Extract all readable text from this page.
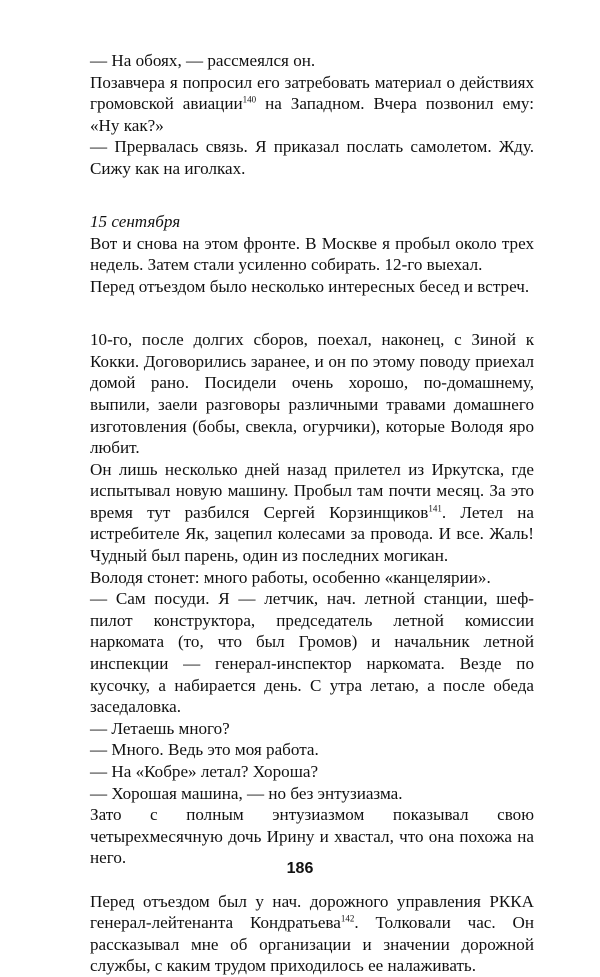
— На обоях, — рассмеялся он.

Позавчера я попросил его затребовать материал о действиях громовской авиации$^{140}$ на Западном. Вчера позвонил ему: «Ну как?»

— Прервалась связь. Я приказал послать самолетом. Жду. Сижу как на иголках.

15 сентября

Вот и снова на этом фронте. В Москве я пробыл около трех недель. Затем стали усиленно собирать. 12-го выехал.

Перед отъездом было несколько интересных бесед и встреч.

10-го, после долгих сборов, поехал, наконец, с Зиной к Кокки. Договорились заранее, и он по этому поводу приехал домой рано. Посидели очень хорошо, по-домашнему, выпили, заели разговоры различными травами домашнего изготовления (бобы, свекла, огурчики), которые Володя яро любит.

Он лишь несколько дней назад прилетел из Иркутска, где испытывал новую машину. Пробыл там почти месяц. За это время тут разбился Сергей Корзинщиков$^{141}$. Летел на истребителе Як, зацепил колесами за провода. И все. Жаль! Чудный был парень, один из последних могикан.

Володя стонет: много работы, особенно «канцелярии».

— Сам посуди. Я — летчик, нач. летной станции, шеф-пилот конструктора, председатель летной комиссии наркомата (то, что был Громов) и начальник летной инспекции — генерал-инспектор наркомата. Везде по кусочку, а набирается день. С утра летаю, а после обеда заседаловка.

— Летаешь много?

— Много. Ведь это моя работа.

— На «Кобре» летал? Хороша?

— Хорошая машина, — но без энтузиазма.

Зато с полным энтузиазмом показывал свою четырехмесячную дочь Ирину и хвастал, что она похожа на него.

Перед отъездом был у нач. дорожного управления РККА генерал-лейтенанта Кондратьева$^{142}$. Толковали час. Он рассказывал мне об организации и значении дорожной службы, с каким трудом приходилось ее налаживать.

186
